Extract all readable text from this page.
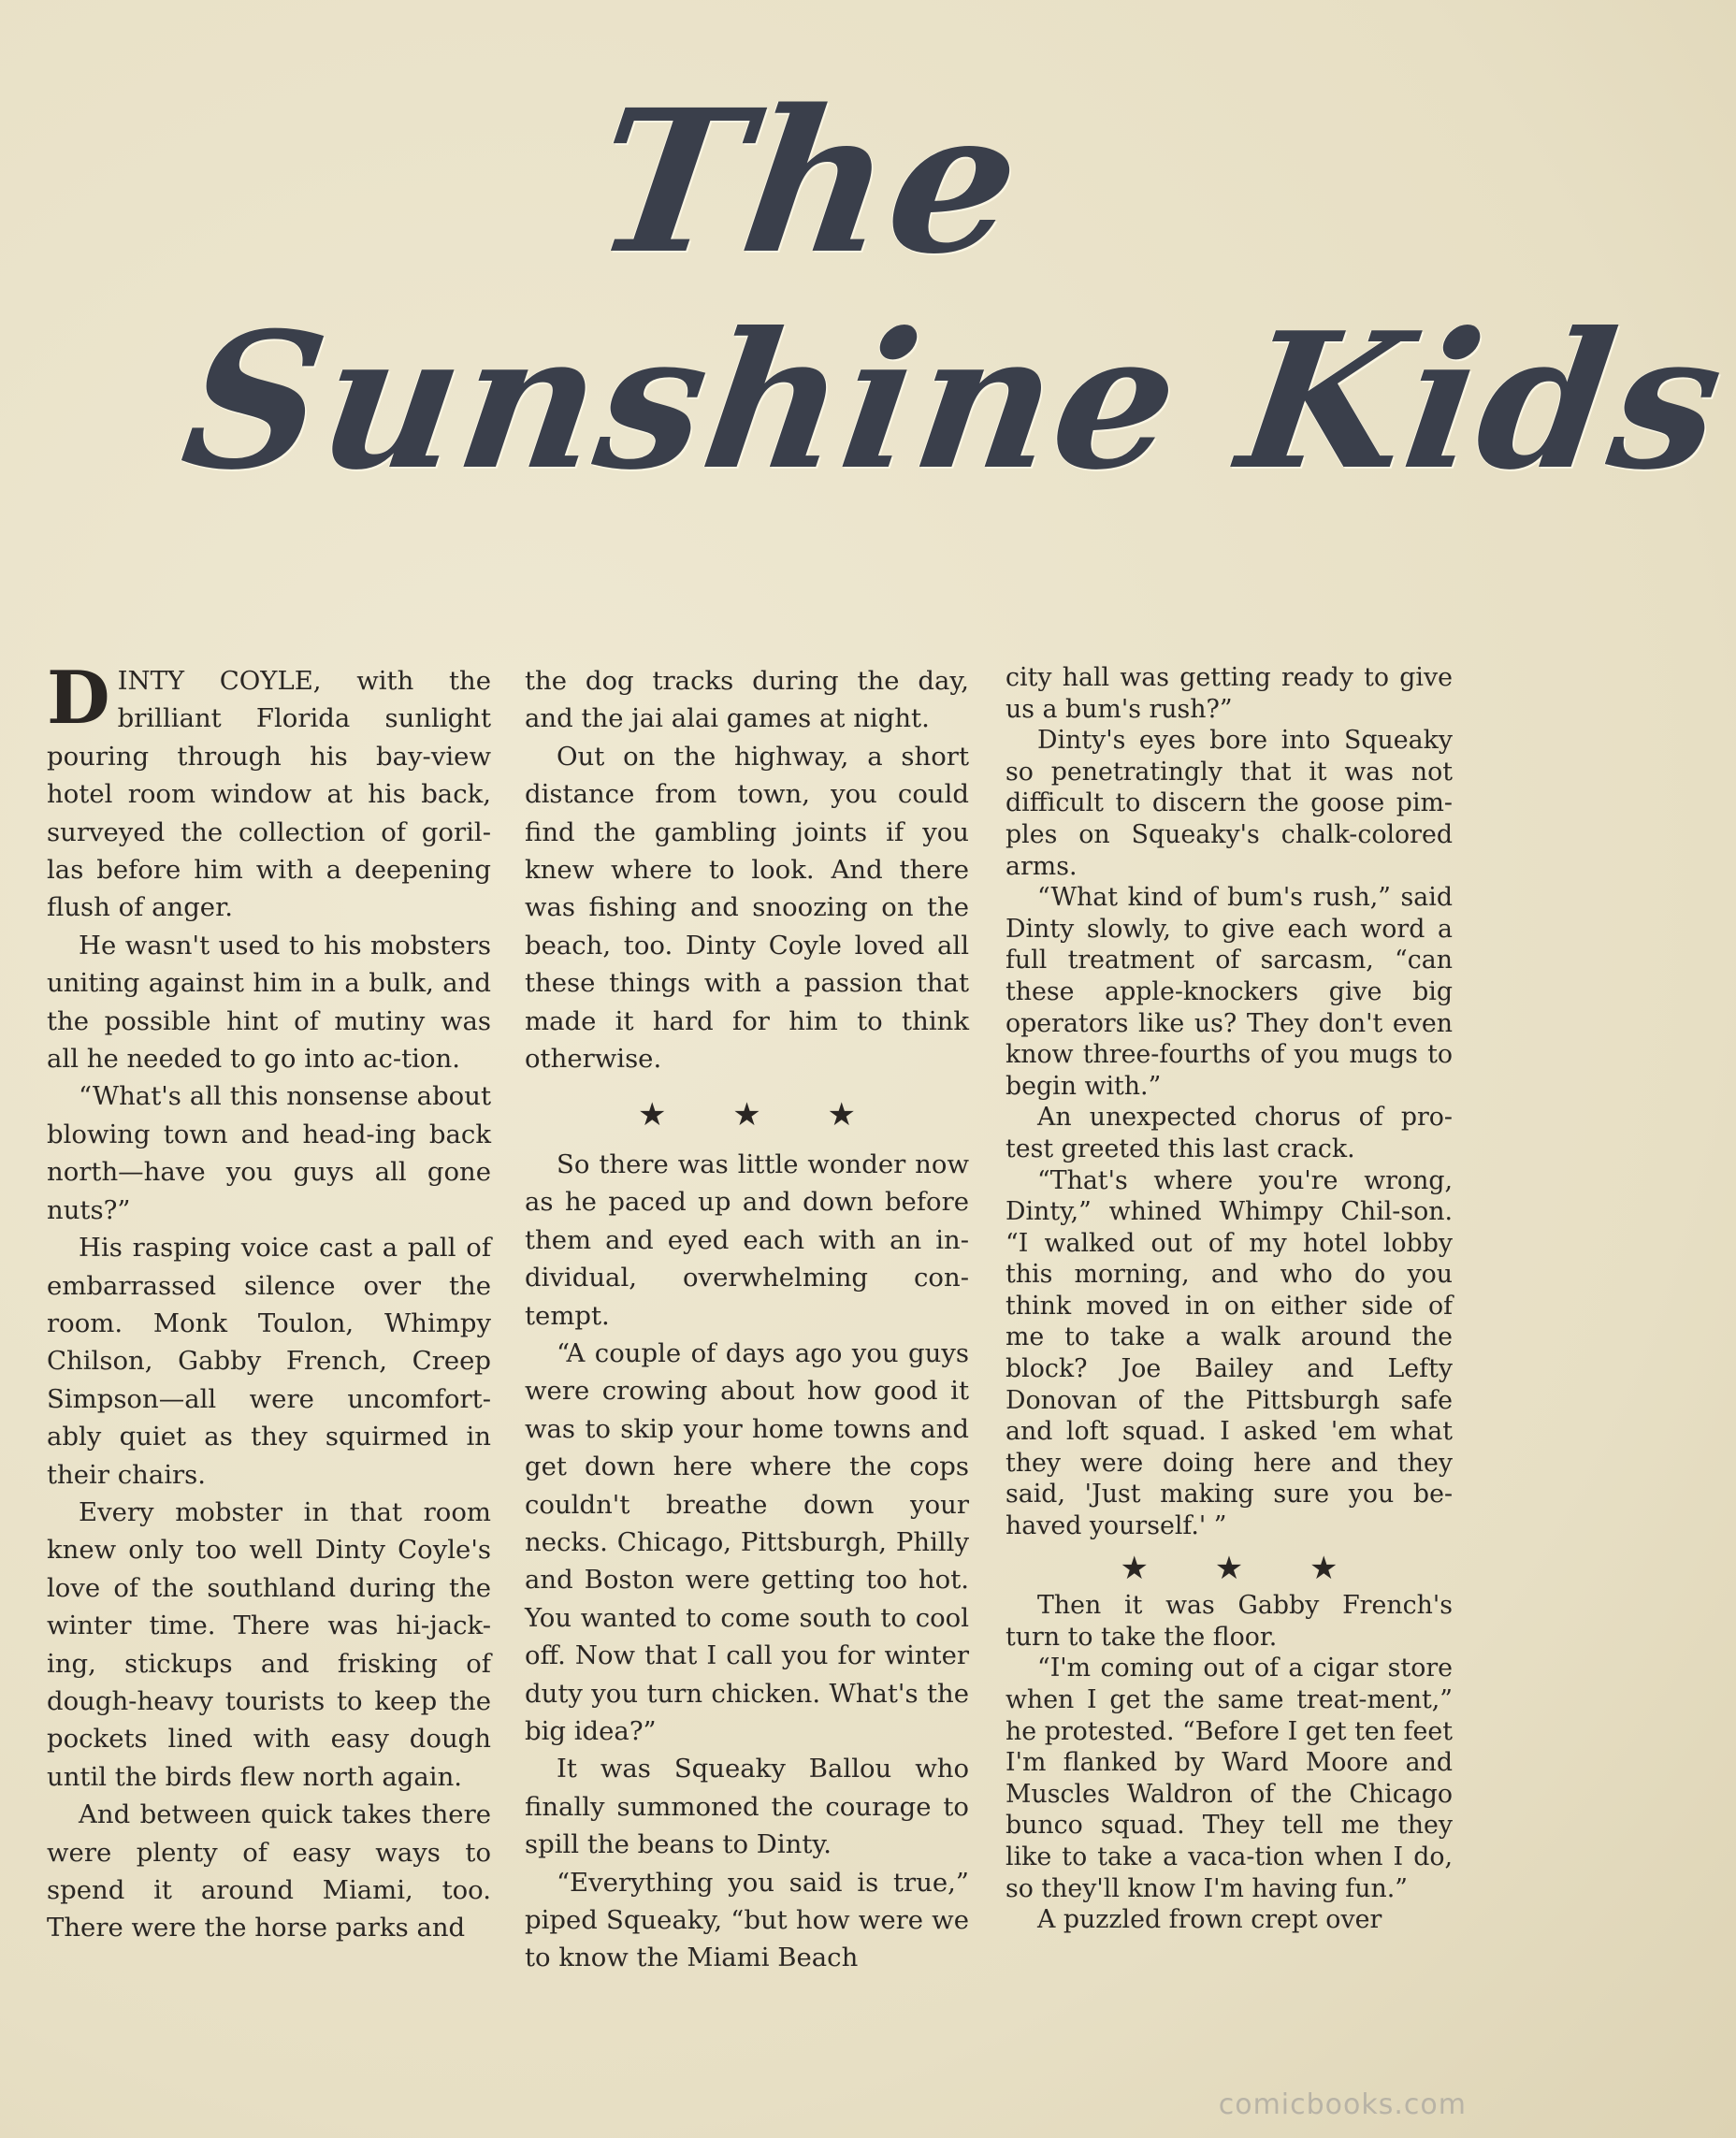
The
Sunshine Kids

DINTY COYLE, with the brilliant Florida sunlight pouring through his bay-view hotel room window at his back, surveyed the collection of goril-las before him with a deepening flush of anger.

He wasn't used to his mobsters uniting against him in a bulk, and the possible hint of mutiny was all he needed to go into ac-tion.

“What's all this nonsense about blowing town and head-ing back north—have you guys all gone nuts?”

His rasping voice cast a pall of embarrassed silence over the room. Monk Toulon, Whimpy Chilson, Gabby French, Creep Simpson—all were uncomfort-ably quiet as they squirmed in their chairs.

Every mobster in that room knew only too well Dinty Coyle's love of the southland during the winter time. There was hi-jack-ing, stickups and frisking of dough-heavy tourists to keep the pockets lined with easy dough until the birds flew north again.

And between quick takes there were plenty of easy ways to spend it around Miami, too. There were the horse parks and

the dog tracks during the day, and the jai alai games at night.

Out on the highway, a short distance from town, you could find the gambling joints if you knew where to look. And there was fishing and snoozing on the beach, too. Dinty Coyle loved all these things with a passion that made it hard for him to think otherwise.

★ ★ ★

So there was little wonder now as he paced up and down before them and eyed each with an in-dividual, overwhelming con-tempt.

“A couple of days ago you guys were crowing about how good it was to skip your home towns and get down here where the cops couldn't breathe down your necks. Chicago, Pittsburgh, Philly and Boston were getting too hot. You wanted to come south to cool off. Now that I call you for winter duty you turn chicken. What's the big idea?”

It was Squeaky Ballou who finally summoned the courage to spill the beans to Dinty.

“Everything you said is true,” piped Squeaky, “but how were we to know the Miami Beach

city hall was getting ready to give us a bum's rush?”

Dinty's eyes bore into Squeaky so penetratingly that it was not difficult to discern the goose pim-ples on Squeaky's chalk-colored arms.

“What kind of bum's rush,” said Dinty slowly, to give each word a full treatment of sarcasm, “can these apple-knockers give big operators like us? They don't even know three-fourths of you mugs to begin with.”

An unexpected chorus of pro-test greeted this last crack.

“That's where you're wrong, Dinty,” whined Whimpy Chil-son. “I walked out of my hotel lobby this morning, and who do you think moved in on either side of me to take a walk around the block? Joe Bailey and Lefty Donovan of the Pittsburgh safe and loft squad. I asked 'em what they were doing here and they said, 'Just making sure you be-haved yourself.' ”

★ ★ ★

Then it was Gabby French's turn to take the floor.

“I'm coming out of a cigar store when I get the same treat-ment,” he protested. “Before I get ten feet I'm flanked by Ward Moore and Muscles Waldron of the Chicago bunco squad. They tell me they like to take a vaca-tion when I do, so they'll know I'm having fun.”

A puzzled frown crept over

comicbooks.com
